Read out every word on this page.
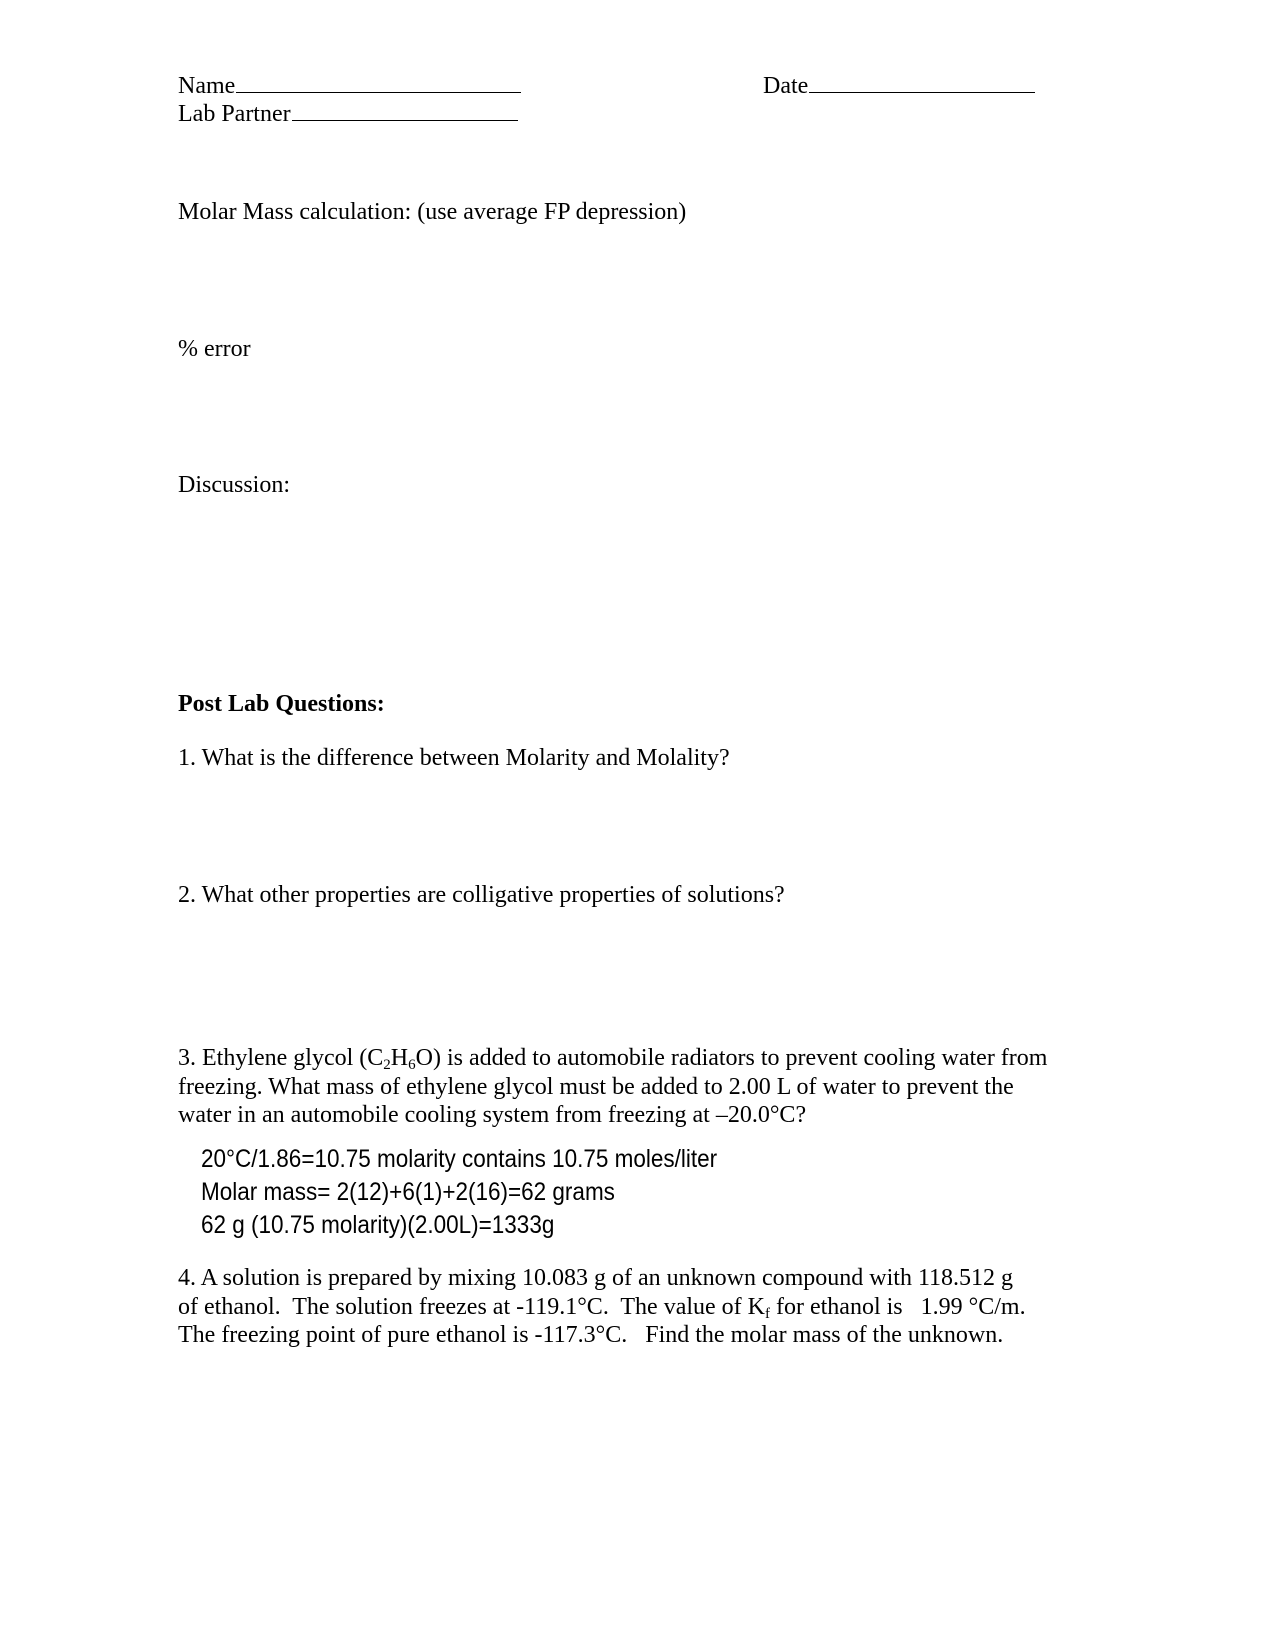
Name
Lab Partner
Date
Molar Mass calculation: (use average FP depression)
% error
Discussion:
Post Lab Questions:
1. What is the difference between Molarity and Molality?
2. What other properties are colligative properties of solutions?
3. Ethylene glycol $(C_2H_6O)$ is added to automobile radiators to prevent cooling water from freezing. What mass of ethylene glycol must be added to 2.00 L of water to prevent the water in an automobile cooling system from freezing at –20.0°C?
20°C/1.86=10.75 molarity contains 10.75 moles/liter
Molar mass= 2(12)+6(1)+2(16)=62 grams
62 g (10.75 molarity)(2.00L)=1333g
4. A solution is prepared by mixing 10.083 g of an unknown compound with 118.512 g of ethanol.  The solution freezes at -119.1°C.  The value of $K_f$ for ethanol is   1.99 °C/m. The freezing point of pure ethanol is -117.3°C.   Find the molar mass of the unknown.
